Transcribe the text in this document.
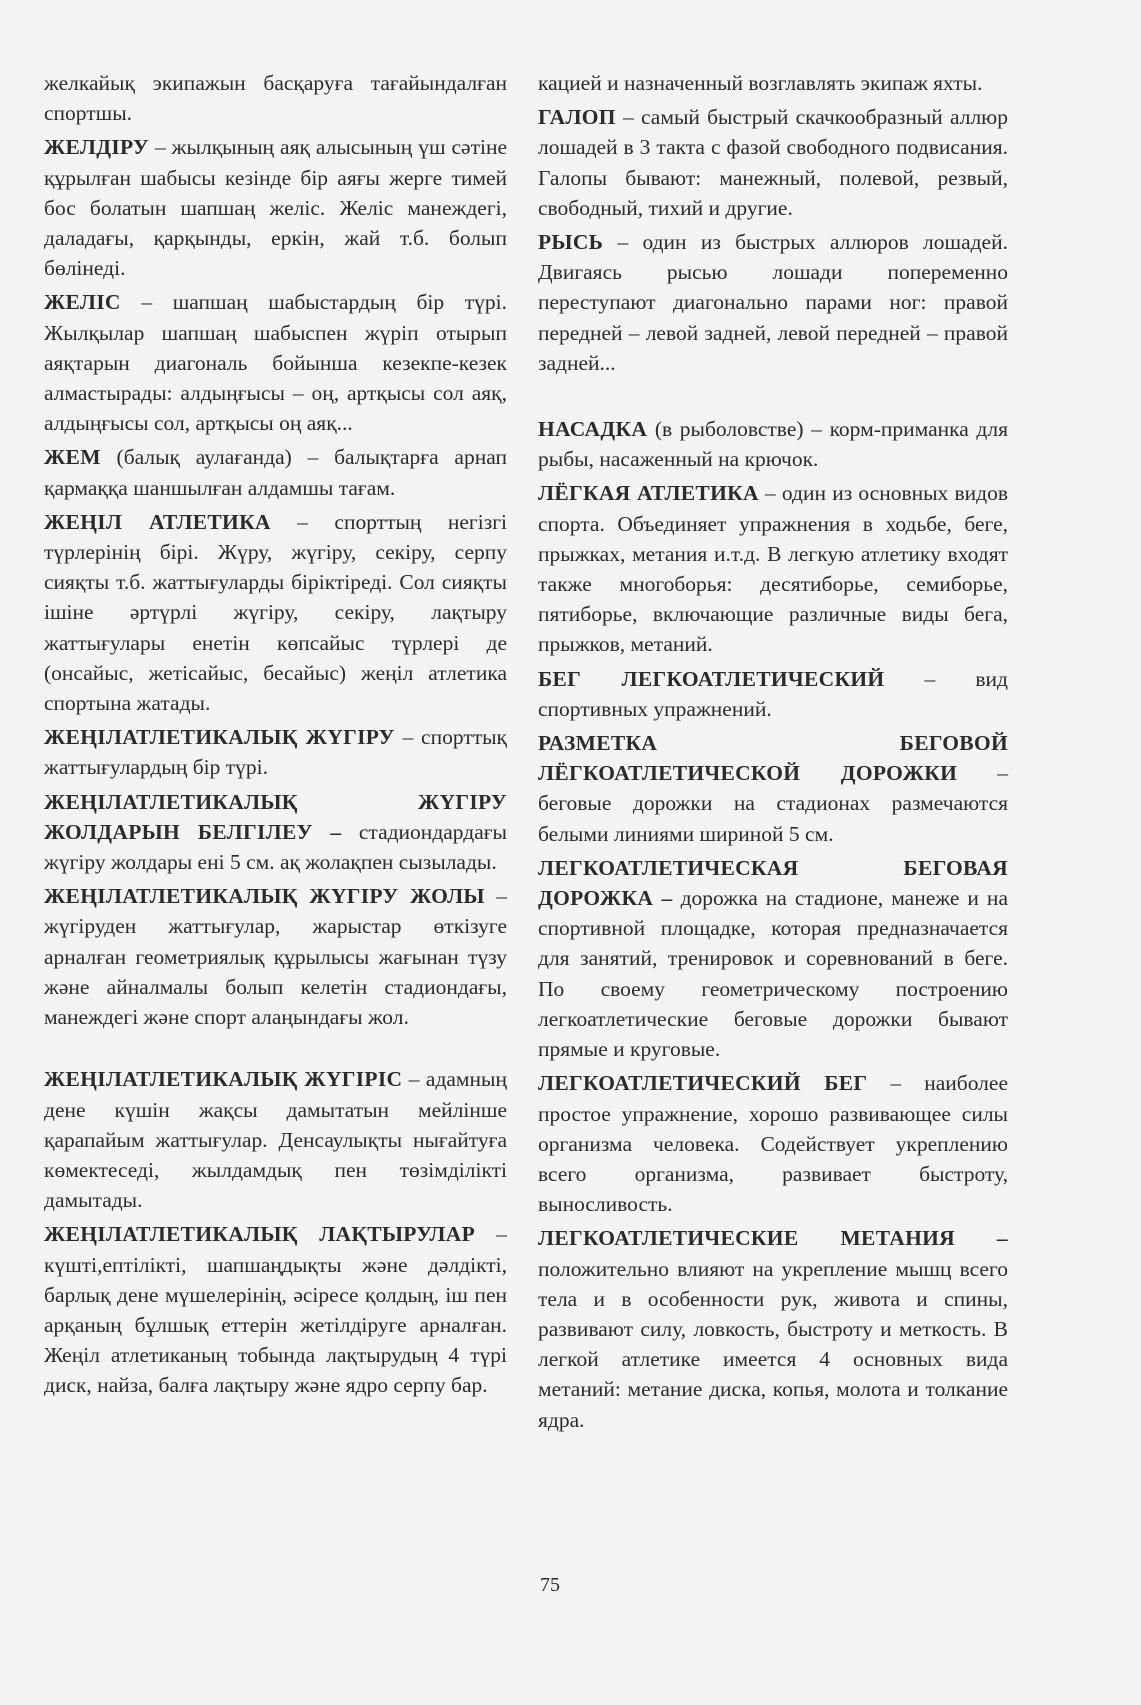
желкайық экипажын басқаруға тағайындалған спортшы.

ЖЕЛДІРУ – жылқының аяқ алысының үш сәтіне құрылған шабысы кезінде бір аяғы жерге тимей бос болатын шапшаң желіс. Желіс манеждегі, даладағы, қарқынды, еркін, жай т.б. болып бөлінеді.

ЖЕЛІС – шапшаң шабыстардың бір түрі. Жылқылар шапшаң шабыспен жүріп отырып аяқтарын диагональ бойынша кезекпе-кезек алмастырады: алдыңғысы – оң, артқысы сол аяқ, алдыңғысы сол, артқысы оң аяқ...

ЖЕМ (балық аулағанда) – балықтарға арнап қармаққа шаншылған алдамшы тағам.

ЖЕҢІЛ АТЛЕТИКА – спорттың негізгі түрлерінің бірі. Жүру, жүгіру, секіру, серпу сияқты т.б. жаттығуларды біріктіреді. Сол сияқты ішіне әртүрлі жүгіру, секіру, лақтыру жаттығулары енетін көпсайыс түрлері де (онсайыс, жетісайыс, бесайыс) жеңіл атлетика спортына жатады.

ЖЕҢІЛАТЛЕТИКАЛЫҚ ЖҮГІРУ – спорттық жаттығулардың бір түрі.

ЖЕҢІЛАТЛЕТИКАЛЫҚ ЖҮГІРУ ЖОЛДАРЫН БЕЛГІЛЕУ – стадиондардағы жүгіру жолдары ені 5 см. ақ жолақпен сызылады.

ЖЕҢІЛАТЛЕТИКАЛЫҚ ЖҮГІРУ ЖОЛЫ – жүгіруден жаттығулар, жарыстар өткізуге арналған геометриялық құрылысы жағынан түзу және айналмалы болып келетін стадиондағы, манеждегі және спорт алаңындағы жол.

ЖЕҢІЛАТЛЕТИКАЛЫҚ ЖҮГІРІС – адамның дене күшін жақсы дамытатын мейлінше қарапайым жаттығулар. Денсаулықты нығайтуға көмектеседі, жылдамдық пен төзімділікті дамытады.

ЖЕҢІЛАТЛЕТИКАЛЫҚ ЛАҚТЫРУЛАР – күшті,ептілікті, шапшаңдықты және дәлдікті, барлық дене мүшелерінің, әсіресе қолдың, іш пен арқаның бұлшық еттерін жетілдіруге арналған. Жеңіл атлетиканың тобында лақтырудың 4 түрі диск, найза, балға лақтыру және ядро серпу бар.

кацией и назначенный возглавлять экипаж яхты.

ГАЛОП – самый быстрый скачкообразный аллюр лошадей в 3 такта с фазой свободного подвисания. Галопы бывают: манежный, полевой, резвый, свободный, тихий и другие.

РЫСЬ – один из быстрых аллюров лошадей. Двигаясь рысью лошади попеременно переступают диагонально парами ног: правой передней – левой задней, левой передней – правой задней...

НАСАДКА (в рыболовстве) – корм-приманка для рыбы, насаженный на крючок.

ЛЁГКАЯ АТЛЕТИКА – один из основных видов спорта. Объединяет упражнения в ходьбе, беге, прыжках, метания и.т.д. В легкую атлетику входят также многоборья: десятиборье, семиборье, пятиборье, включающие различные виды бега, прыжков, метаний.

БЕГ ЛЕГКОАТЛЕТИЧЕСКИЙ – вид спортивных упражнений.

РАЗМЕТКА БЕГОВОЙ ЛЁГКОАТЛЕТИЧЕСКОЙ ДОРОЖКИ – беговые дорожки на стадионах размечаются белыми линиями шириной 5 см.

ЛЕГКОАТЛЕТИЧЕСКАЯ БЕГОВАЯ ДОРОЖКА – дорожка на стадионе, манеже и на спортивной площадке, которая предназначается для занятий, тренировок и соревнований в беге. По своему геометрическому построению легкоатлетические беговые дорожки бывают прямые и круговые.

ЛЕГКОАТЛЕТИЧЕСКИЙ БЕГ – наиболее простое упражнение, хорошо развивающее силы организма человека. Содействует укреплению всего организма, развивает быстроту, выносливость.

ЛЕГКОАТЛЕТИЧЕСКИЕ МЕТАНИЯ – положительно влияют на укрепление мышц всего тела и в особенности рук, живота и спины, развивают силу, ловкость, быстроту и меткость. В легкой атлетике имеется 4 основных вида метаний: метание диска, копья, молота и толкание ядра.

75
